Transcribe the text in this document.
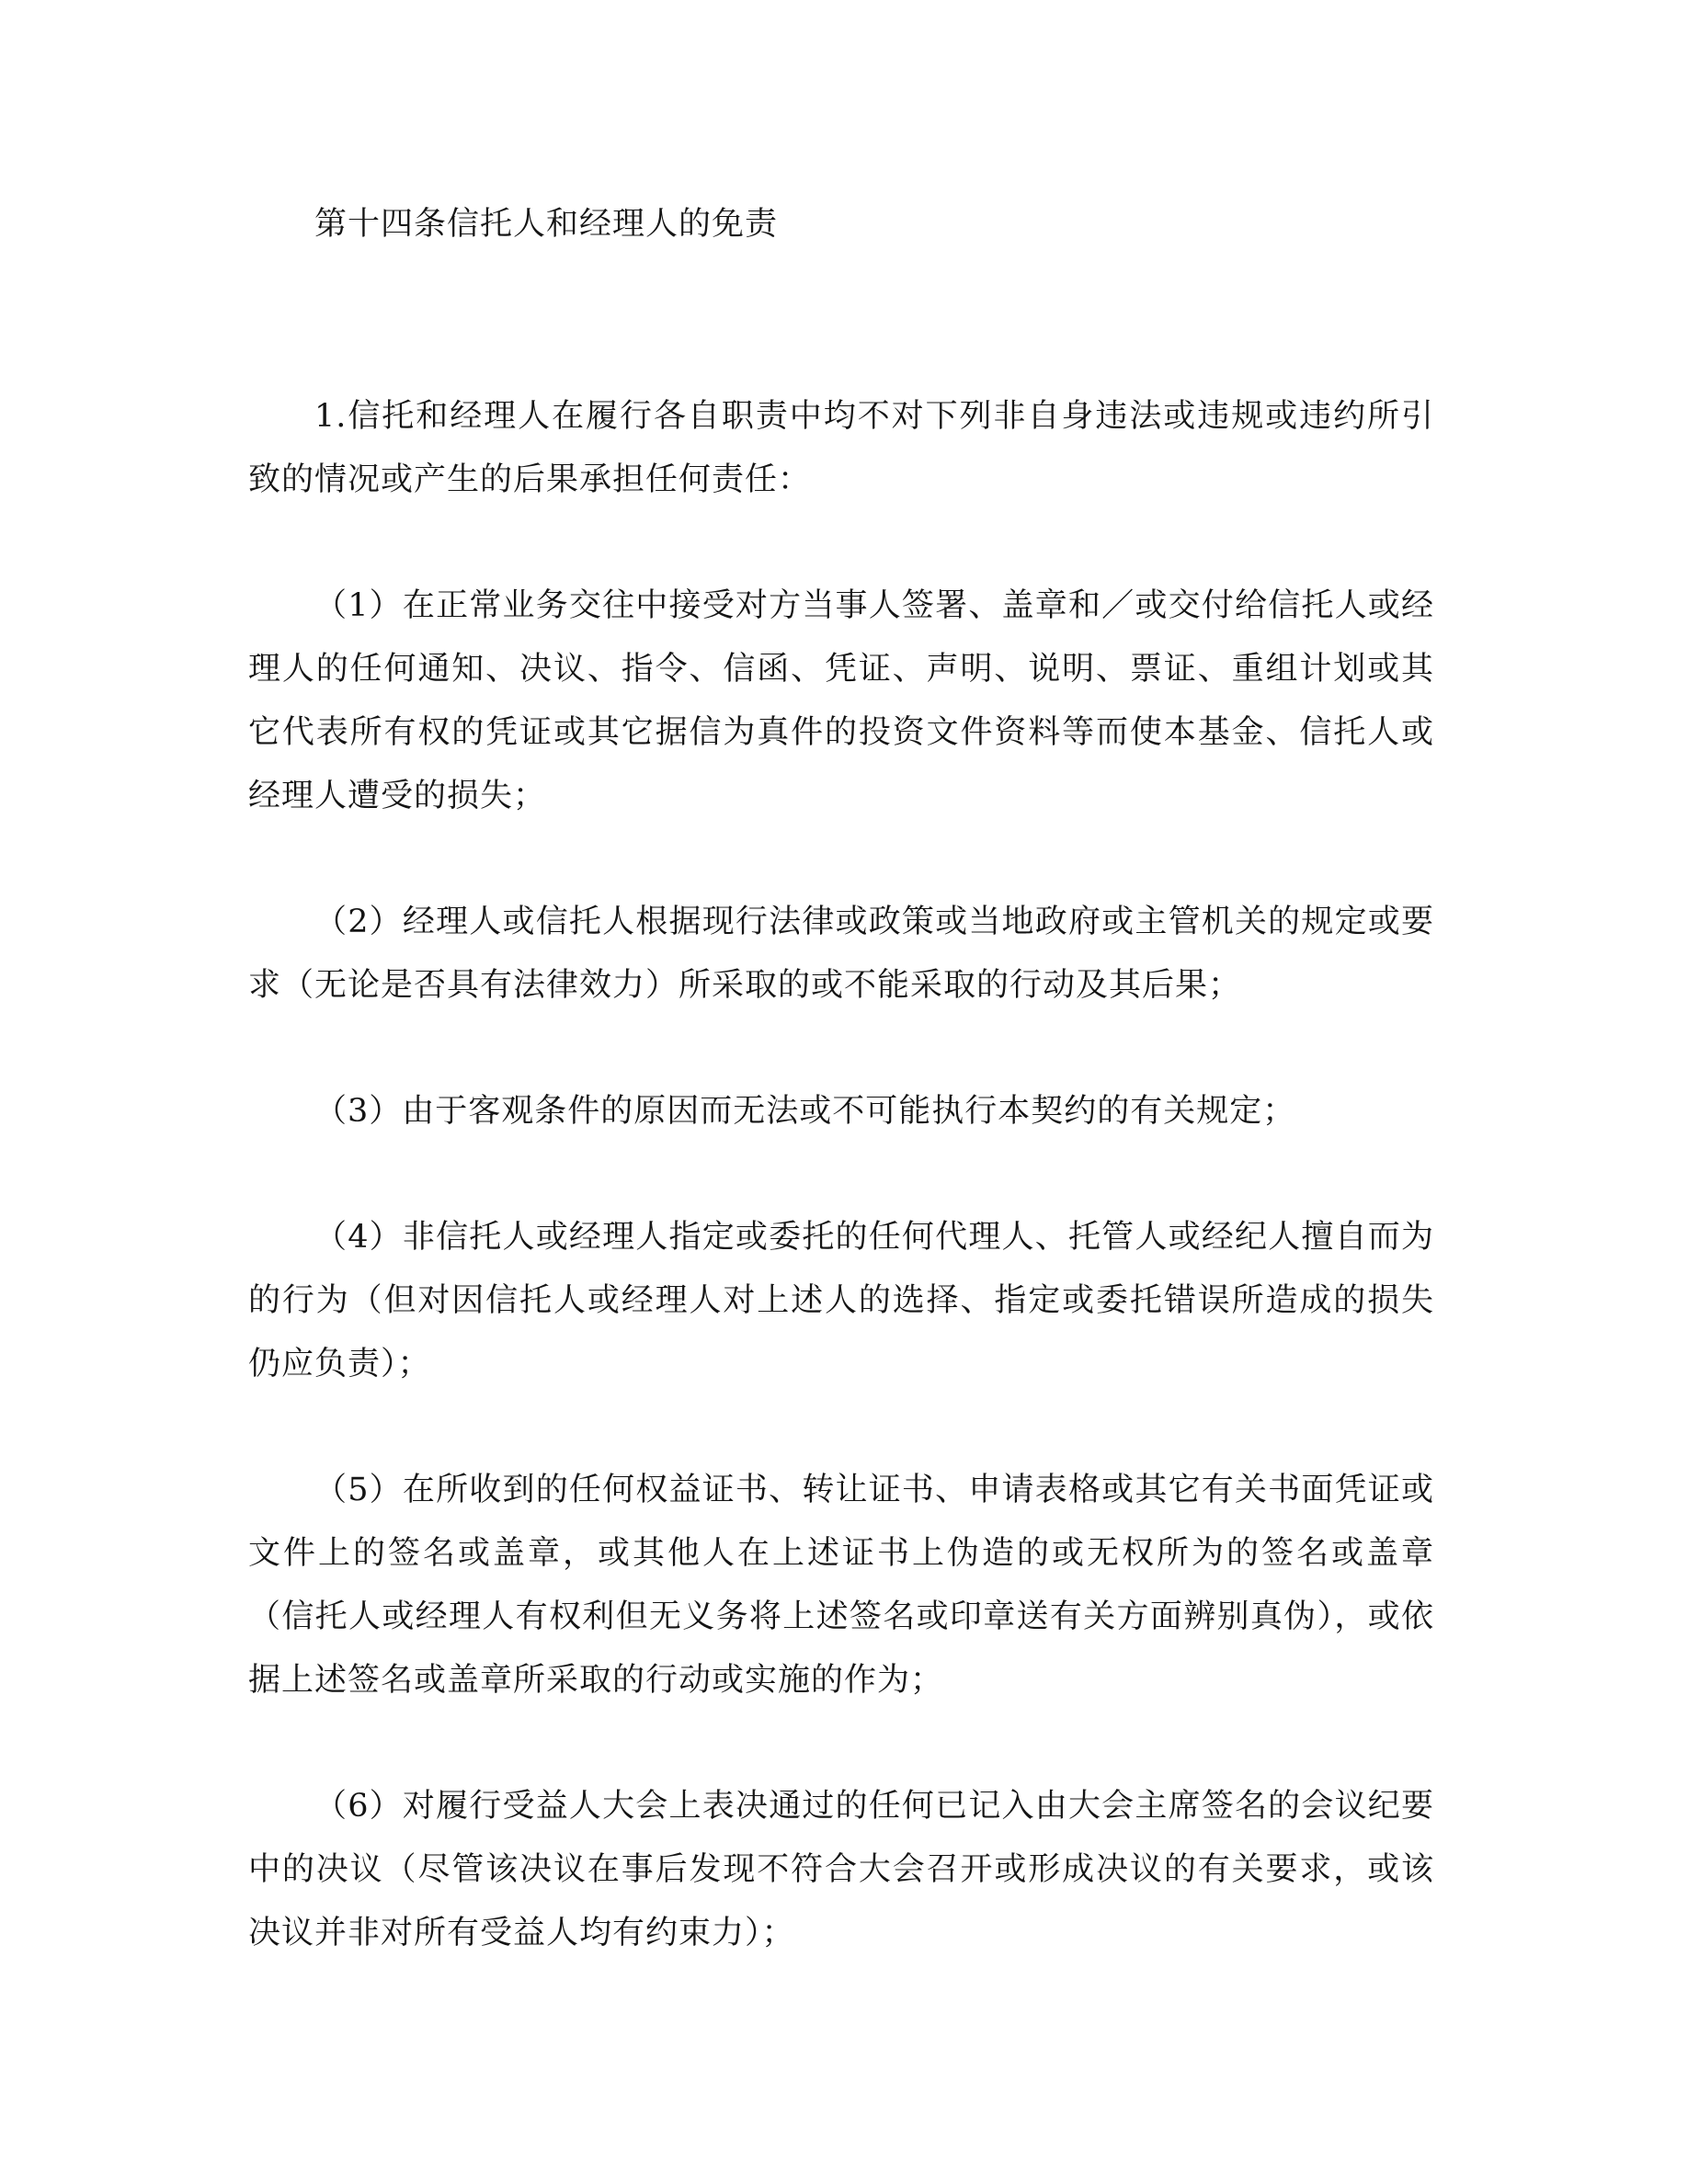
第十四条信托人和经理人的免责

1.信托和经理人在履行各自职责中均不对下列非自身违法或违规或违约所引致的情况或产生的后果承担任何责任：

（1）在正常业务交往中接受对方当事人签署、盖章和／或交付给信托人或经理人的任何通知、决议、指令、信函、凭证、声明、说明、票证、重组计划或其它代表所有权的凭证或其它据信为真件的投资文件资料等而使本基金、信托人或经理人遭受的损失；

（2）经理人或信托人根据现行法律或政策或当地政府或主管机关的规定或要求（无论是否具有法律效力）所采取的或不能采取的行动及其后果；

（3）由于客观条件的原因而无法或不可能执行本契约的有关规定；

（4）非信托人或经理人指定或委托的任何代理人、托管人或经纪人擅自而为的行为（但对因信托人或经理人对上述人的选择、指定或委托错误所造成的损失仍应负责）；

（5）在所收到的任何权益证书、转让证书、申请表格或其它有关书面凭证或文件上的签名或盖章，或其他人在上述证书上伪造的或无权所为的签名或盖章（信托人或经理人有权利但无义务将上述签名或印章送有关方面辨别真伪），或依据上述签名或盖章所采取的行动或实施的作为；

（6）对履行受益人大会上表决通过的任何已记入由大会主席签名的会议纪要中的决议（尽管该决议在事后发现不符合大会召开或形成决议的有关要求，或该决议并非对所有受益人均有约束力）；
